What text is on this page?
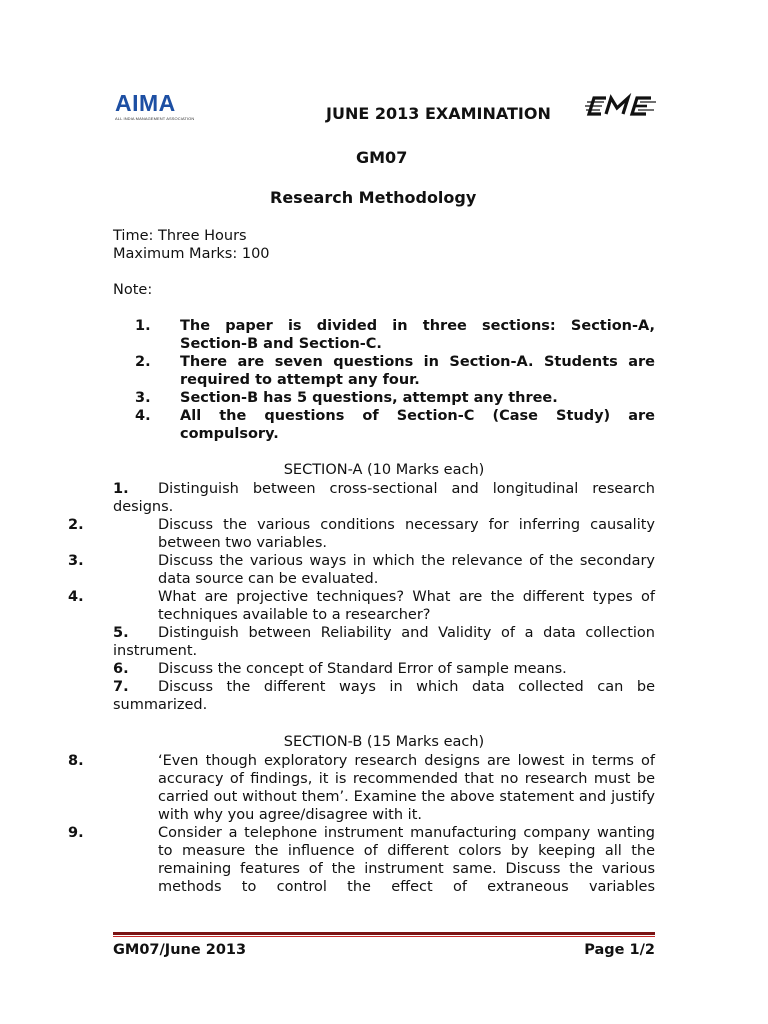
AIMA
ALL INDIA MANAGEMENT ASSOCIATION	JUNE 2013 EXAMINATION
GM07
Research Methodology
Time: Three Hours
Maximum Marks: 100
Note:
1.	The paper is divided in three sections: Section-A, Section-B and Section-C.
2.	There are seven questions in Section-A. Students are required to attempt any four.
3.	Section-B has 5 questions, attempt any three.
4.	All the questions of Section-C (Case Study) are compulsory.
SECTION-A (10 Marks each)
1. Distinguish between cross-sectional and longitudinal research designs.
2.	Discuss the various conditions necessary for inferring causality between two variables.
3.	Discuss the various ways in which the relevance of the secondary data source can be evaluated.
4.	What are projective techniques? What are the different types of techniques available to a researcher?
5. Distinguish between Reliability and Validity of a data collection instrument.
6. Discuss the concept of Standard Error of sample means.
7. Discuss the different ways in which data collected can be summarized.
SECTION-B (15 Marks each)
8.	‘Even though exploratory research designs are lowest in terms of accuracy of findings, it is recommended that no research must be carried out without them’. Examine the above statement and justify with why you agree/disagree with it.
9.	Consider a telephone instrument manufacturing company wanting to measure the influence of different colors by keeping all the remaining features of the instrument same. Discuss the various methods to control the effect of extraneous variables
GM07/June 2013	Page 1/2
